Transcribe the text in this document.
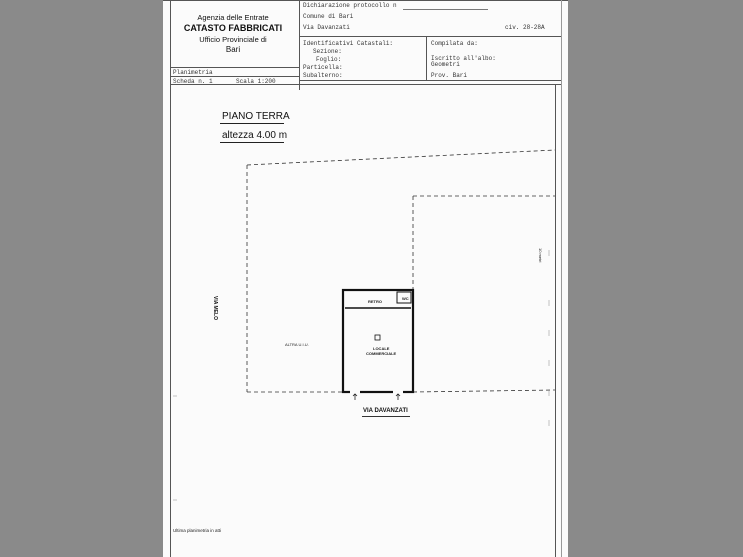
Agenzia delle Entrate
CATASTO FABBRICATI
Ufficio Provinciale di
Bari
Dichiarazione protocollo n
Comune di Bari
Via Davanzati	civ. 28-28A
Identificativi Catastali:
Sezione:
Foglio:
Particella:
Subalterno:
Compilata da:
Iscritto all'albo:
Geometri
Prov. Bari
Planimetria
Scheda n. 1	Scala 1:200
PIANO TERRA
altezza 4.00 m
VIA MELO
VIA DAVANZATI
ALTRA U.I.U.
RETRO
WC
LOCALE
COMMERCIALE
10 metri
Ultima planimetria in atti
